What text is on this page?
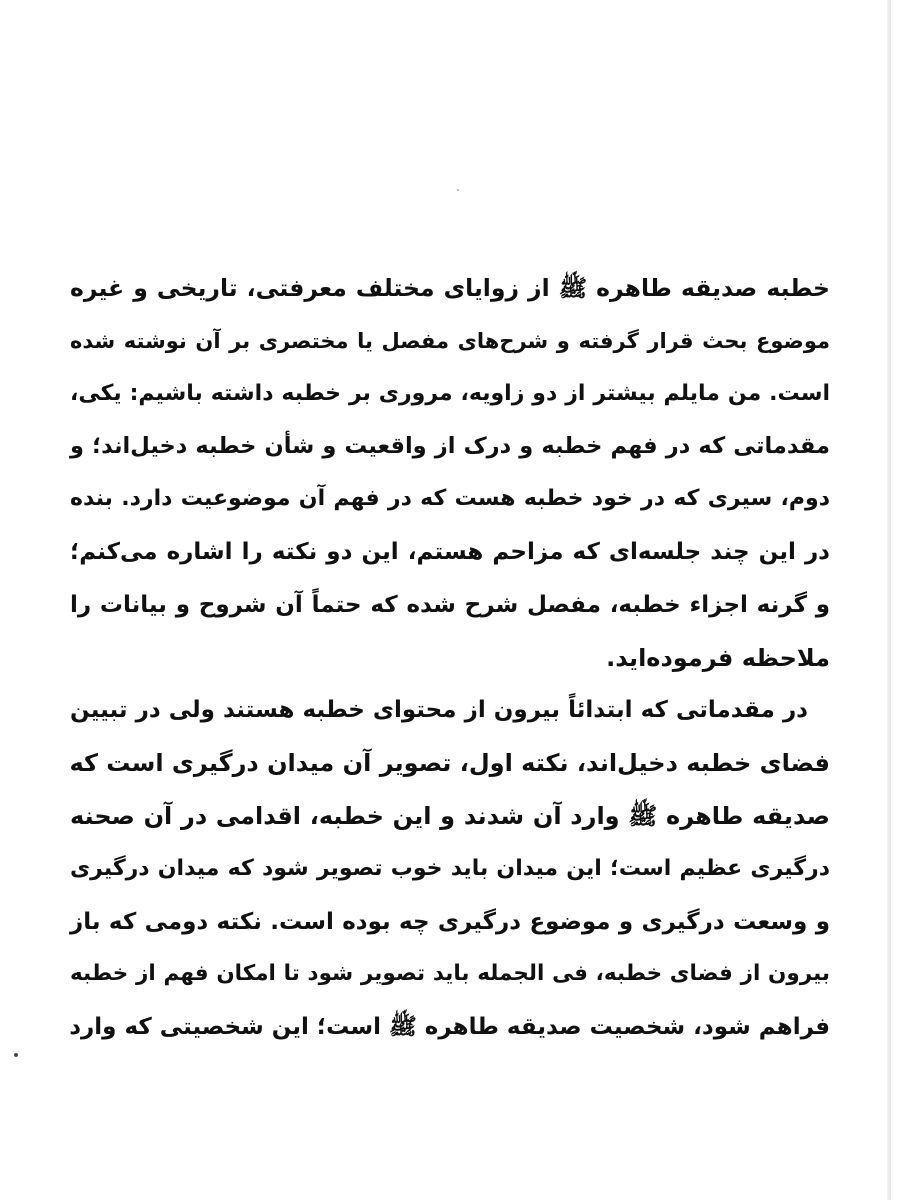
خطبه صدیقه طاهره ﷺ از زوایای مختلف معرفتی، تاریخی و غیره
موضوع بحث قرار گرفته و شرح‌های مفصل یا مختصری بر آن نوشته شده
است. من مایلم بیشتر از دو زاویه، مروری بر خطبه داشته باشیم: یکی،
مقدماتی که در فهم خطبه و درک از واقعیت و شأن خطبه دخیل‌اند؛ و
دوم، سیری که در خود خطبه هست که در فهم آن موضوعیت دارد. بنده
در این چند جلسه‌ای که مزاحم هستم، این دو نکته را اشاره می‌کنم؛
و گرنه اجزاء خطبه، مفصل شرح شده که حتماً آن شروح و بیانات را
ملاحظه فرموده‌اید.
در مقدماتی که ابتدائاً بیرون از محتوای خطبه هستند ولی در تبیین
فضای خطبه دخیل‌اند، نکته اول، تصویر آن میدان درگیری است که
صدیقه طاهره ﷺ وارد آن شدند و این خطبه، اقدامی در آن صحنه
درگیری عظیم است؛ این میدان باید خوب تصویر شود که میدان درگیری
و وسعت درگیری و موضوع درگیری چه بوده است. نکته دومی که باز
بیرون از فضای خطبه، فی الجمله باید تصویر شود تا امکان فهم از خطبه
فراهم شود، شخصیت صدیقه طاهره ﷺ است؛ این شخصیتی که وارد
